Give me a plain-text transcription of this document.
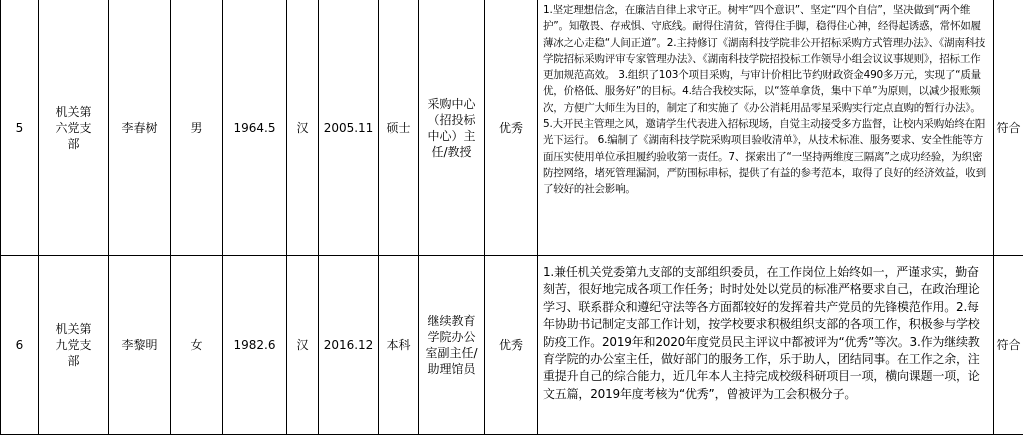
5	机关第六党支部	李春树	男	1964.5	汉	2005.11	硕士	采购中心（招投标中心）主任/教授	优秀	1.坚定理想信念，在廉洁自律上求守正。树牢“四个意识”、坚定“四个自信”，坚决做到“两个维护”。知敬畏、存戒惧、守底线。耐得住清贫，管得住手脚，稳得住心神，经得起诱惑，常怀如履薄冰之心走稳“人间正道”。2.主持修订《湖南科技学院非公开招标采购方式管理办法》、《湖南科技学院招标采购评审专家管理办法》、《湖南科技学院招投标工作领导小组会议议事规则》，招标工作更加规范高效。 3.组织了103个项目采购，与审计价相比节约财政资金490多万元，实现了“质量优，价格低、服务好”的目标。4.结合我校实际，以“签单拿货，集中下单”为原则，以减少报账频次，方便广大师生为目的，制定了和实施了《办公消耗用品零星采购实行定点直购的暂行办法》。5.大开民主管理之风，邀请学生代表进入招标现场，自觉主动接受多方监督，让校内采购始终在阳光下运行。 6.编制了《湖南科技学院采购项目验收清单》，从技术标准、服务要求、安全性能等方面压实使用单位承担履约验收第一责任。7、探索出了“一坚持两维度三隔离”之成功经验，为织密防控网络，堵死管理漏洞，严防围标串标，提供了有益的参考范本，取得了良好的经济效益，收到了较好的社会影响。	符合
6	机关第九党支部	李黎明	女	1982.6	汉	2016.12	本科	继续教育学院办公室副主任/助理馆员	优秀	1.兼任机关党委第九支部的支部组织委员，在工作岗位上始终如一，严谨求实，勤奋刻苦，很好地完成各项工作任务；时时处处以党员的标准严格要求自己，在政治理论学习、联系群众和遵纪守法等各方面都较好的发挥着共产党员的先锋模范作用。2.每年协助书记制定支部工作计划，按学校要求积极组织支部的各项工作，积极参与学校防疫工作。2019年和2020年度党员民主评议中都被评为“优秀”等次。3.作为继续教育学院的办公室主任，做好部门的服务工作，乐于助人，团结同事。在工作之余，注重提升自己的综合能力，近几年本人主持完成校级科研项目一项，横向课题一项，论文五篇，2019年度考核为“优秀”，曾被评为工会积极分子。	符合
